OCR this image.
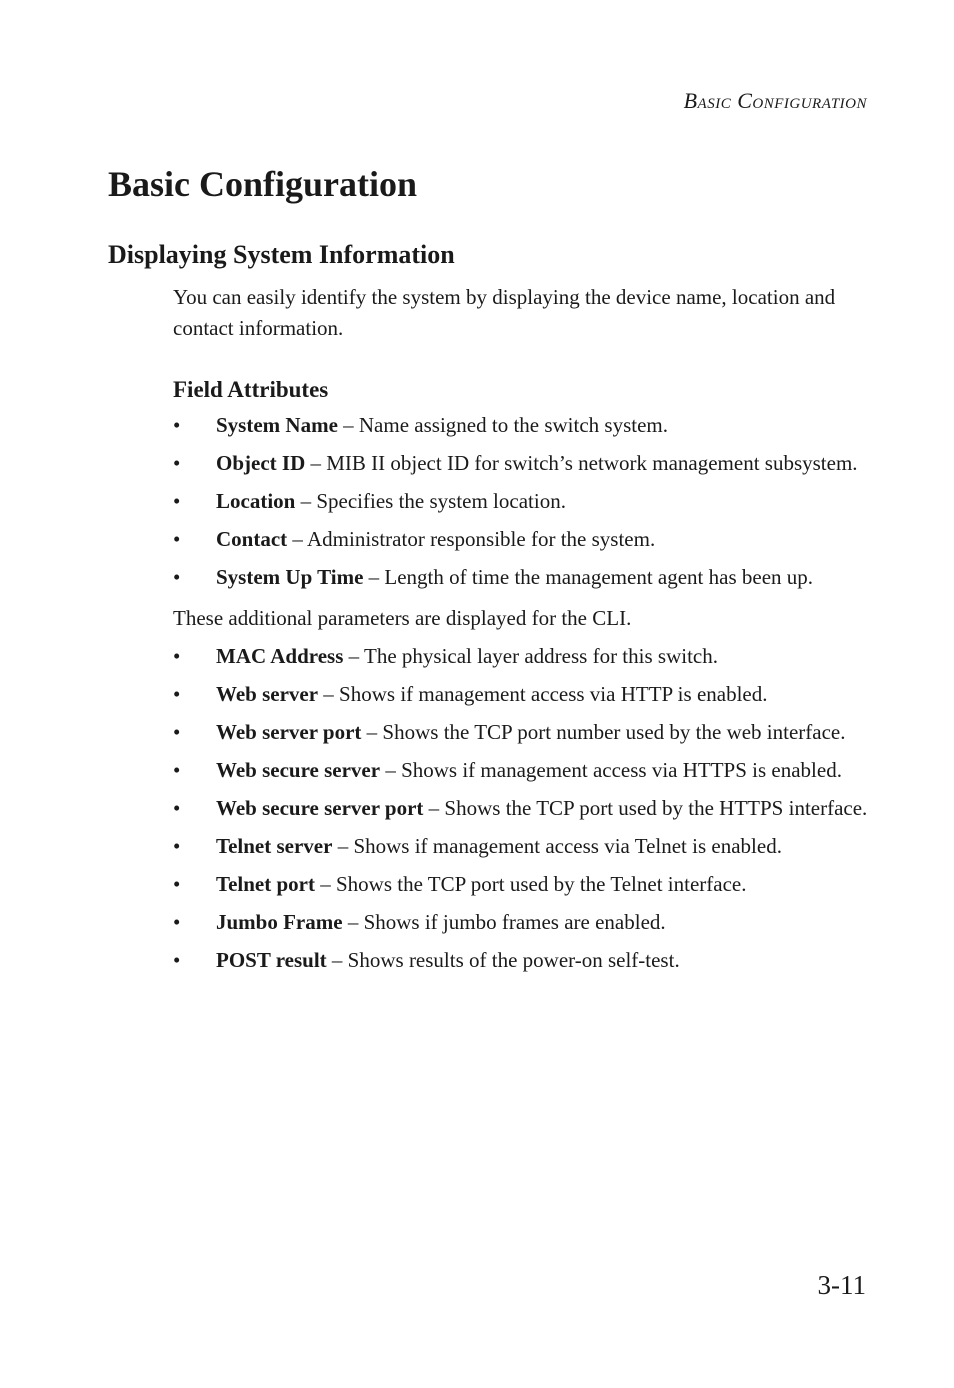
Basic Configuration
Basic Configuration
Displaying System Information

You can easily identify the system by displaying the device name, location and contact information.

Field Attributes
• System Name – Name assigned to the switch system.
• Object ID – MIB II object ID for switch’s network management subsystem.
• Location – Specifies the system location.
• Contact – Administrator responsible for the system.
• System Up Time – Length of time the management agent has been up.

These additional parameters are displayed for the CLI.

• MAC Address – The physical layer address for this switch.
• Web server – Shows if management access via HTTP is enabled.
• Web server port – Shows the TCP port number used by the web interface.
• Web secure server – Shows if management access via HTTPS is enabled.
• Web secure server port – Shows the TCP port used by the HTTPS interface.
• Telnet server – Shows if management access via Telnet is enabled.
• Telnet port – Shows the TCP port used by the Telnet interface.
• Jumbo Frame – Shows if jumbo frames are enabled.
• POST result – Shows results of the power-on self-test.
3-11
